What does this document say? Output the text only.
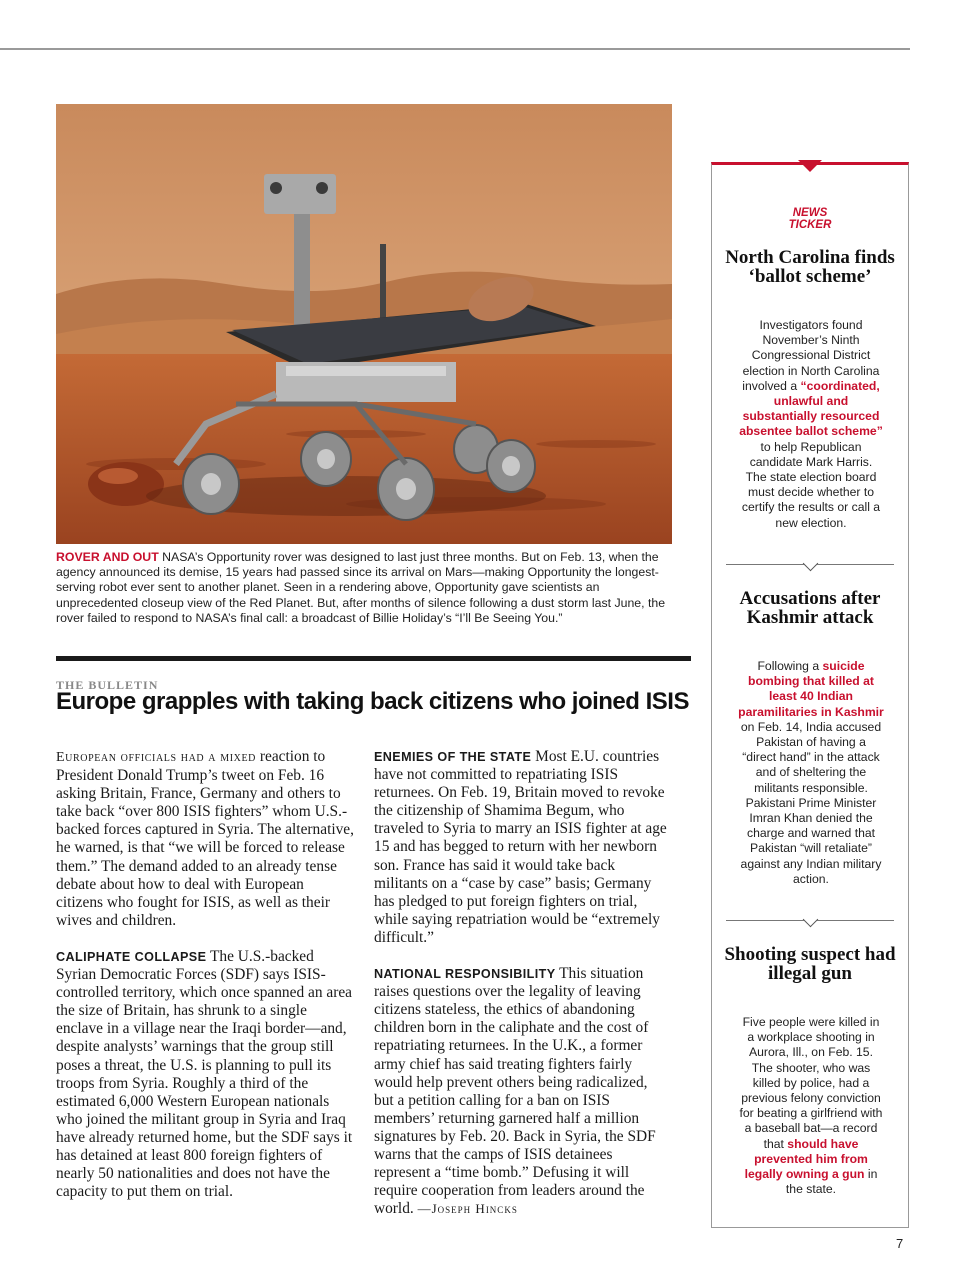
ROVER AND OUT NASA’s Opportunity rover was designed to last just three months. But on Feb. 13, when the agency announced its demise, 15 years had passed since its arrival on Mars—making Opportunity the longest-serving robot ever sent to another planet. Seen in a rendering above, Opportunity gave scientists an unprecedented closeup view of the Red Planet. But, after months of silence following a dust storm last June, the rover failed to respond to NASA’s final call: a broadcast of Billie Holiday’s “I’ll Be Seeing You.”
THE BULLETIN
Europe grapples with taking back citizens who joined ISIS

European officials had a mixed reaction to President Donald Trump’s tweet on Feb. 16 asking Britain, France, Germany and others to take back “over 800 ISIS fighters” whom U.S.-backed forces captured in Syria. The alternative, he warned, is that “we will be forced to release them.” The demand added to an already tense debate about how to deal with European citizens who fought for ISIS, as well as their wives and children.

CALIPHATE COLLAPSE The U.S.-backed Syrian Democratic Forces (SDF) says ISIS-controlled territory, which once spanned an area the size of Britain, has shrunk to a single enclave in a village near the Iraqi border—and, despite analysts’ warnings that the group still poses a threat, the U.S. is planning to pull its troops from Syria. Roughly a third of the estimated 6,000 Western European nationals who joined the militant group in Syria and Iraq have already returned home, but the SDF says it has detained at least 800 foreign fighters of nearly 50 nationalities and does not have the capacity to put them on trial.

ENEMIES OF THE STATE Most E.U. countries have not committed to repatriating ISIS returnees. On Feb. 19, Britain moved to revoke the citizenship of Shamima Begum, who traveled to Syria to marry an ISIS fighter at age 15 and has begged to return with her newborn son. France has said it would take back militants on a “case by case” basis; Germany has pledged to put foreign fighters on trial, while saying repatriation would be “extremely difficult.”

NATIONAL RESPONSIBILITY This situation raises questions over the legality of leaving citizens stateless, the ethics of abandoning children born in the caliphate and the cost of repatriating returnees. In the U.K., a former army chief has said treating fighters fairly would help prevent others being radicalized, but a petition calling for a ban on ISIS members’ returning garnered half a million signatures by Feb. 20. Back in Syria, the SDF warns that the camps of ISIS detainees represent a “time bomb.” Defusing it will require cooperation from leaders around the world. —Joseph Hincks

NEWS
TICKER
North Carolina finds ‘ballot scheme’
Investigators found November’s Ninth Congressional District election in North Carolina involved a “coordinated, unlawful and substantially resourced absentee ballot scheme” to help Republican candidate Mark Harris. The state election board must decide whether to certify the results or call a new election.
Accusations after Kashmir attack
Following a suicide bombing that killed at least 40 Indian paramilitaries in Kashmir on Feb. 14, India accused Pakistan of having a “direct hand” in the attack and of sheltering the militants responsible. Pakistani Prime Minister Imran Khan denied the charge and warned that Pakistan “will retaliate” against any Indian military action.
Shooting suspect had illegal gun
Five people were killed in a workplace shooting in Aurora, Ill., on Feb. 15. The shooter, who was killed by police, had a previous felony conviction for beating a girlfriend with a baseball bat—a record that should have prevented him from legally owning a gun in the state.
7
